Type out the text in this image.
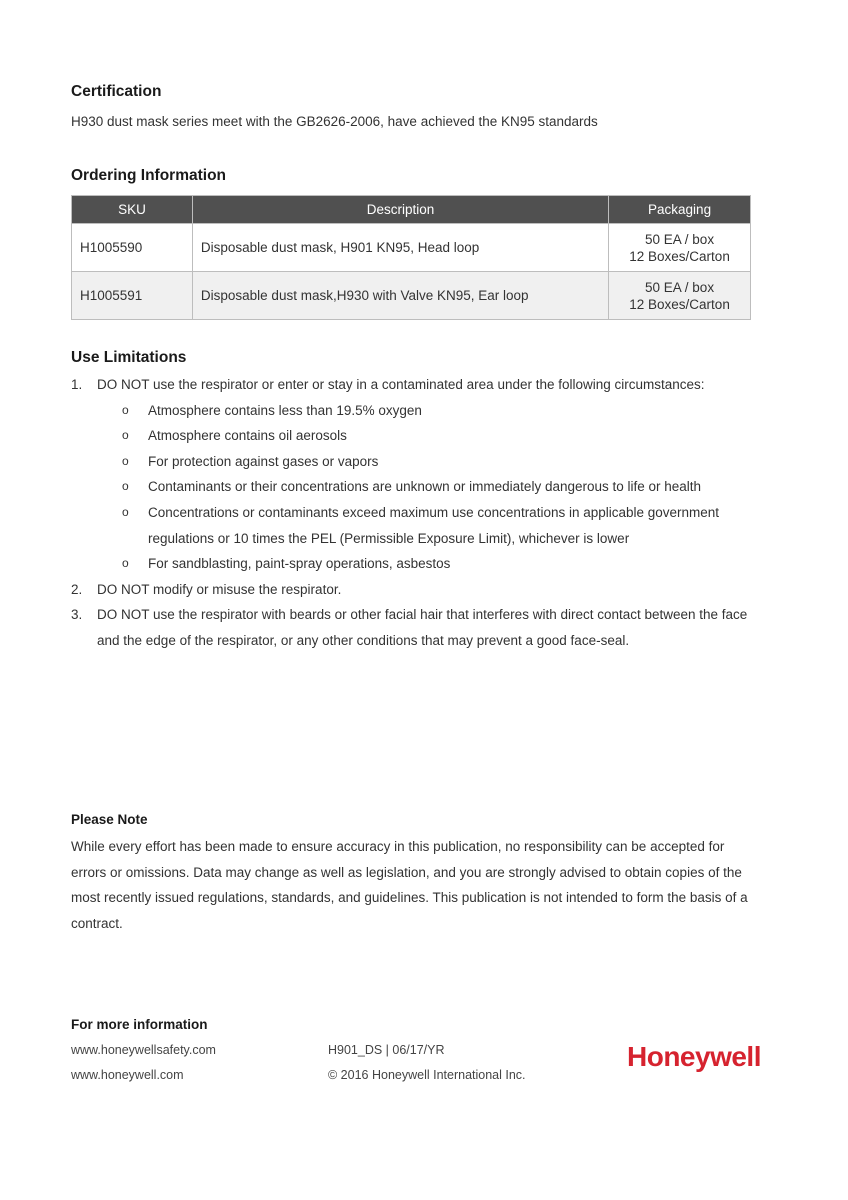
Certification

H930 dust mask series meet with the GB2626-2006, have achieved the KN95 standards

Ordering Information
SKU	Description	Packaging
H1005590	Disposable dust mask, H901 KN95, Head loop	50 EA / box
12 Boxes/Carton

H1005591	Disposable dust mask,H930 with Valve KN95, Ear loop	50 EA / box
12 Boxes/Carton
Use Limitations
1. DO NOT use the respirator or enter or stay in a contaminated area under the following circumstances:
o Atmosphere contains less than 19.5% oxygen
o Atmosphere contains oil aerosols
o For protection against gases or vapors
o Contaminants or their concentrations are unknown or immediately dangerous to life or health
o Concentrations or contaminants exceed maximum use concentrations in applicable government regulations or 10 times the PEL (Permissible Exposure Limit), whichever is lower
o For sandblasting, paint-spray operations, asbestos
2. DO NOT modify or misuse the respirator.
3. DO NOT use the respirator with beards or other facial hair that interferes with direct contact between the face and the edge of the respirator, or any other conditions that may prevent a good face-seal.

Please Note

While every effort has been made to ensure accuracy in this publication, no responsibility can be accepted for errors or omissions. Data may change as well as legislation, and you are strongly advised to obtain copies of the most recently issued regulations, standards, and guidelines. This publication is not intended to form the basis of a contract.

For more information

www.honeywellsafety.com

www.honeywell.com

H901_DS | 06/17/YR

© 2016 Honeywell International Inc.

Honeywell
